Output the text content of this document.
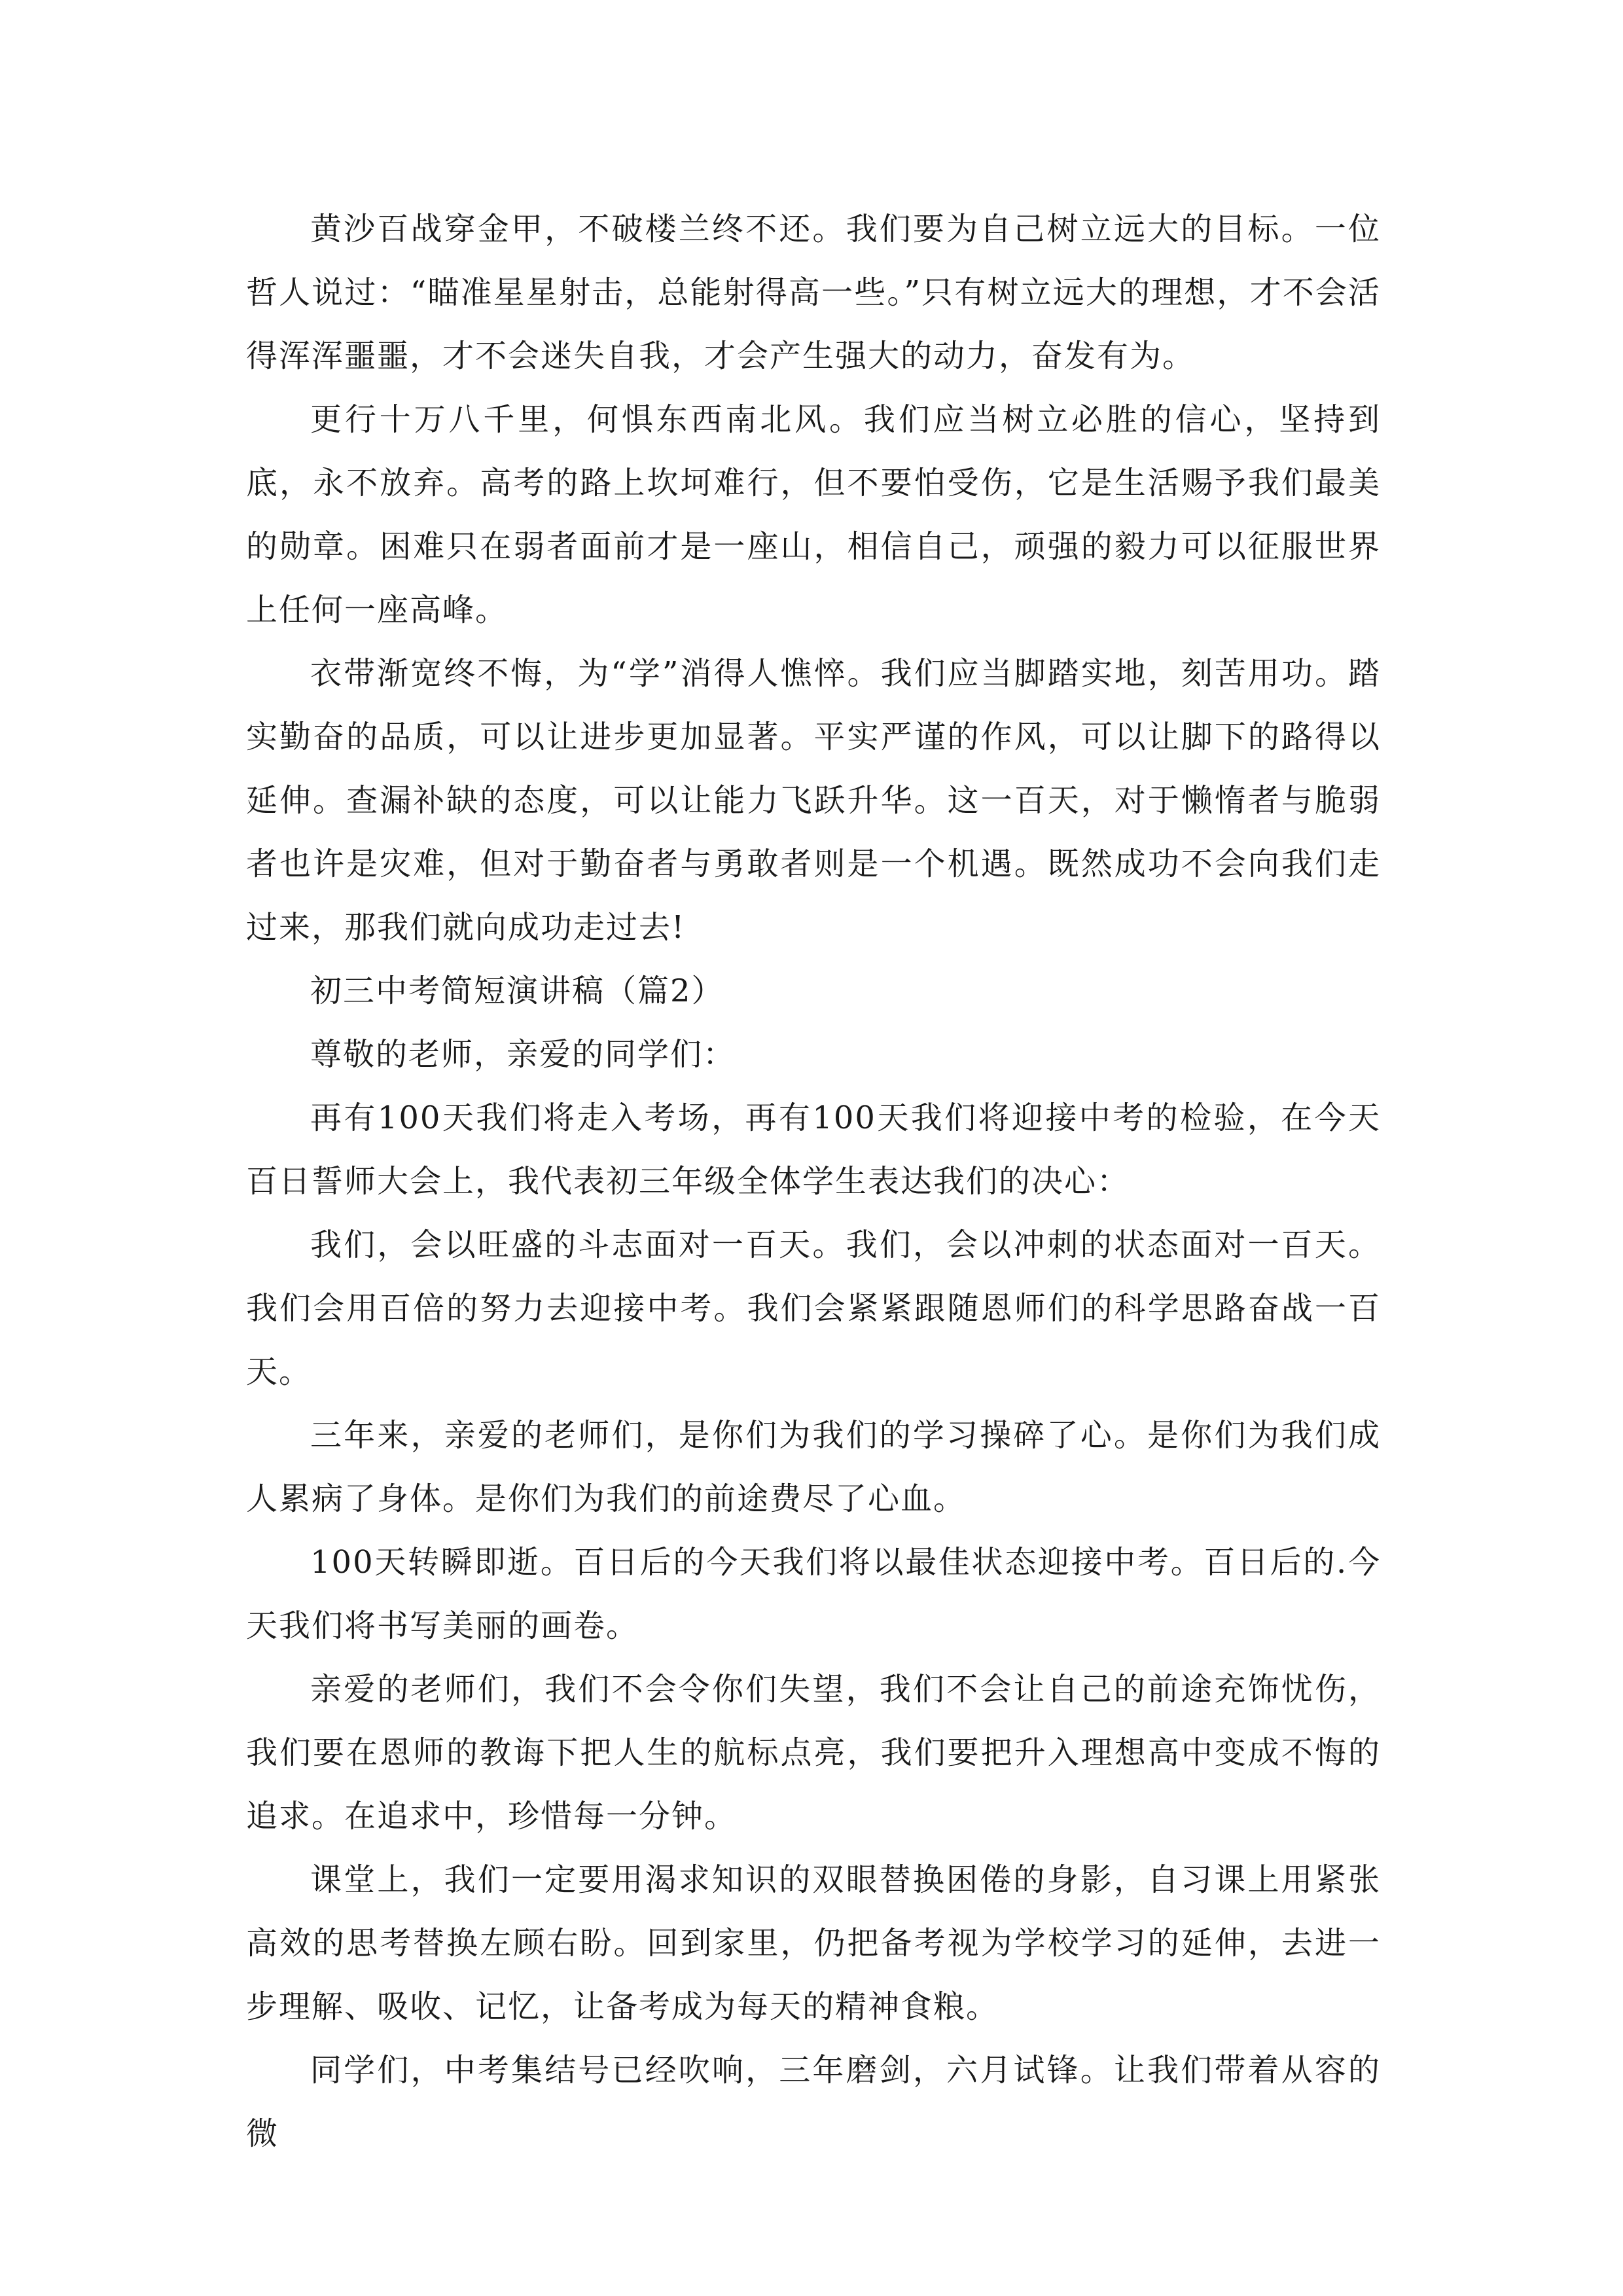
黄沙百战穿金甲，不破楼兰终不还。我们要为自己树立远大的目标。一位哲人说过：“瞄准星星射击，总能射得高一些。”只有树立远大的理想，才不会活得浑浑噩噩，才不会迷失自我，才会产生强大的动力，奋发有为。

更行十万八千里，何惧东西南北风。我们应当树立必胜的信心，坚持到底，永不放弃。高考的路上坎坷难行，但不要怕受伤，它是生活赐予我们最美的勋章。困难只在弱者面前才是一座山，相信自己，顽强的毅力可以征服世界上任何一座高峰。

衣带渐宽终不悔，为“学”消得人憔悴。我们应当脚踏实地，刻苦用功。踏实勤奋的品质，可以让进步更加显著。平实严谨的作风，可以让脚下的路得以延伸。查漏补缺的态度，可以让能力飞跃升华。这一百天，对于懒惰者与脆弱者也许是灾难，但对于勤奋者与勇敢者则是一个机遇。既然成功不会向我们走过来，那我们就向成功走过去!

初三中考简短演讲稿（篇2）

尊敬的老师，亲爱的同学们：

再有100天我们将走入考场，再有100天我们将迎接中考的检验，在今天百日誓师大会上，我代表初三年级全体学生表达我们的决心：

我们，会以旺盛的斗志面对一百天。我们，会以冲刺的状态面对一百天。我们会用百倍的努力去迎接中考。我们会紧紧跟随恩师们的科学思路奋战一百天。

三年来，亲爱的老师们，是你们为我们的学习操碎了心。是你们为我们成人累病了身体。是你们为我们的前途费尽了心血。

100天转瞬即逝。百日后的今天我们将以最佳状态迎接中考。百日后的.今天我们将书写美丽的画卷。

亲爱的老师们，我们不会令你们失望，我们不会让自己的前途充饰忧伤，我们要在恩师的教诲下把人生的航标点亮，我们要把升入理想高中变成不悔的追求。在追求中，珍惜每一分钟。

课堂上，我们一定要用渴求知识的双眼替换困倦的身影，自习课上用紧张高效的思考替换左顾右盼。回到家里，仍把备考视为学校学习的延伸，去进一步理解、吸收、记忆，让备考成为每天的精神食粮。

同学们，中考集结号已经吹响，三年磨剑，六月试锋。让我们带着从容的微
